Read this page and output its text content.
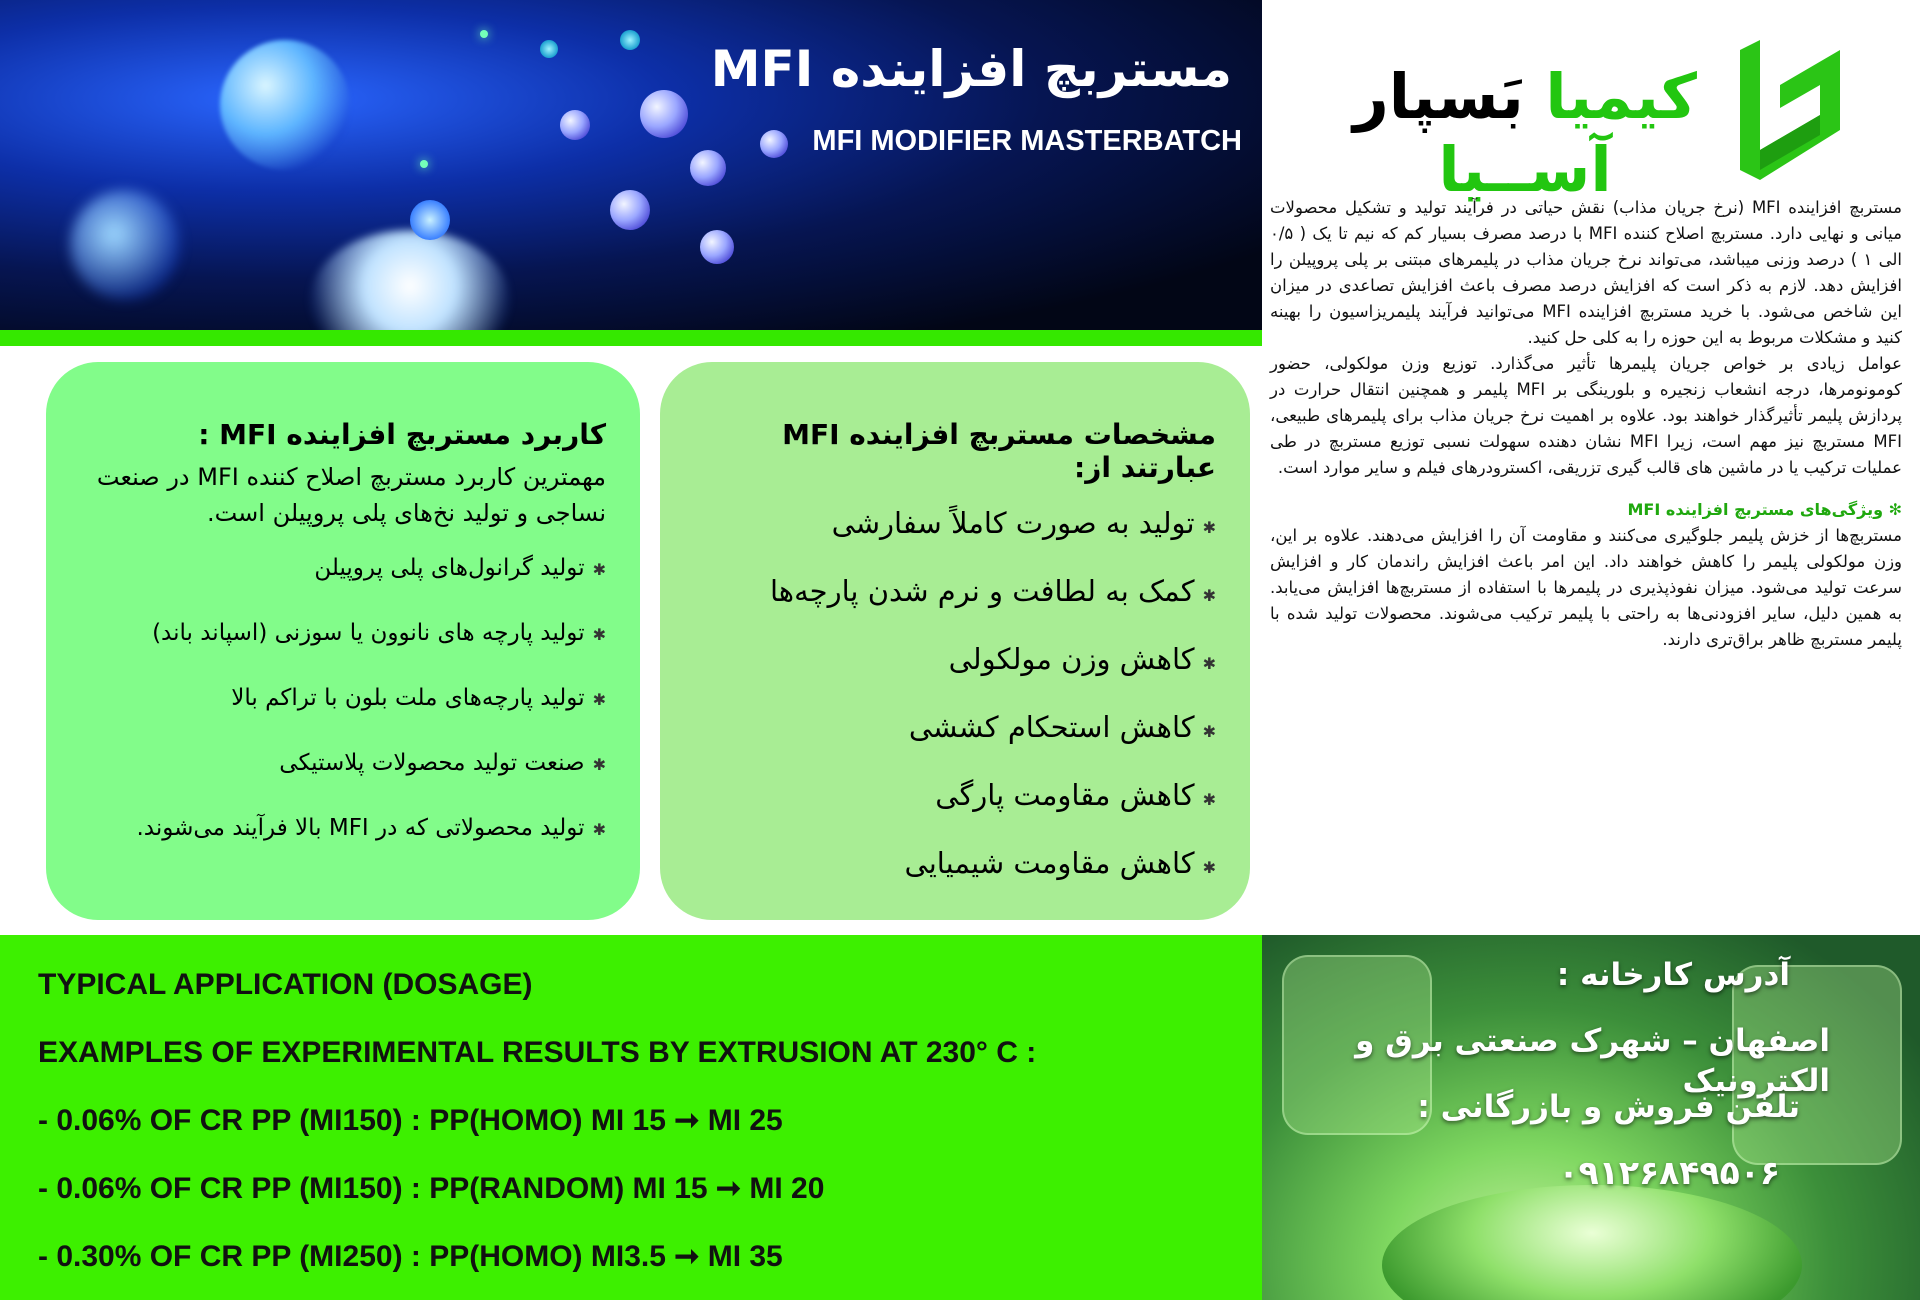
مستربچ افزاینده MFI
MFI MODIFIER MASTERBATCH
کیمیا بَسپار آســیا

مستربچ افزاینده MFI (نرخ جریان مذاب) نقش حیاتی در فرآیند تولید و تشکیل محصولات میانی و نهایی دارد. مستربچ اصلاح کننده MFI با درصد مصرف بسیار کم که نیم تا یک ( ۰/۵ الی ۱ ) درصد وزنی میباشد، می‌تواند نرخ جریان مذاب در پلیمرهای مبتنی بر پلی پروپیلن را افزایش دهد. لازم به ذکر است که افزایش درصد مصرف باعث افزایش تصاعدی در میزان این شاخص می‌شود. با خرید مستربچ افزاینده MFI می‌توانید فرآیند پلیمریزاسیون را بهینه کنید و مشکلات مربوط به این حوزه را به کلی حل کنید.

عوامل زیادی بر خواص جریان پلیمرها تأثیر می‌گذارد. توزیع وزن مولکولی، حضور کومونومرها، درجه انشعاب زنجیره و بلورینگی بر MFI پلیمر و همچنین انتقال حرارت در پردازش پلیمر تأثیرگذار خواهند بود. علاوه بر اهمیت نرخ جریان مذاب برای پلیمرهای طبیعی، MFI مستربچ نیز مهم است، زیرا MFI نشان دهنده سهولت نسبی توزیع مستربچ در طی عملیات ترکیب یا در ماشین های قالب گیری تزریقی، اکسترودرهای فیلم و سایر موارد است.

✻ ویژگی‌های مستربچ افزاینده MFI

مستربچ‌ها از خزش پلیمر جلوگیری می‌کنند و مقاومت آن را افزایش می‌دهند. علاوه بر این، وزن مولکولی پلیمر را کاهش خواهند داد. این امر باعث افزایش راندمان کار و افزایش سرعت تولید می‌شود. میزان نفوذپذیری در پلیمرها با استفاده از مستربچ‌ها افزایش می‌یابد. به همین دلیل، سایر افزودنی‌ها به راحتی با پلیمر ترکیب می‌شوند. محصولات تولید شده با پلیمر مستربچ ظاهر براق‌تری دارند.

مشخصات مستربچ افزاینده MFI عبارتند از:
✱تولید به صورت کاملاً سفارشی
✱کمک به لطافت و نرم شدن پارچه‌ها
✱کاهش وزن مولکولی
✱کاهش استحکام کششی
✱کاهش مقاومت پارگی
✱کاهش مقاومت شیمیایی
کاربرد مستربچ افزاینده MFI :

مهمترین کاربرد مستربچ اصلاح کننده MFI در صنعت نساجی و تولید نخ‌های پلی پروپیلن است.

✱تولید گرانول‌های پلی پروپیلن
✱تولید پارچه های نانوون یا سوزنی (اسپاند باند)
✱تولید پارچه‌های ملت بلون با تراکم بالا
✱صنعت تولید محصولات پلاستیکی
✱تولید محصولاتی که در MFI بالا فرآیند می‌شوند.

TYPICAL APPLICATION (DOSAGE)

EXAMPLES OF EXPERIMENTAL RESULTS BY EXTRUSION AT 230° C :

- 0.06% OF CR PP (MI150) : PP(HOMO) MI 15 ➞ MI 25

- 0.06% OF CR PP (MI150) : PP(RANDOM) MI 15 ➞ MI 20

- 0.30% OF CR PP (MI250) : PP(HOMO) MI3.5 ➞ MI 35

آدرس کارخانه :
اصفهان – شهرک صنعتی برق و الکترونیک
تلفن فروش و بازرگانی :
۰۹۱۲۶۸۴۹۵۰۶
